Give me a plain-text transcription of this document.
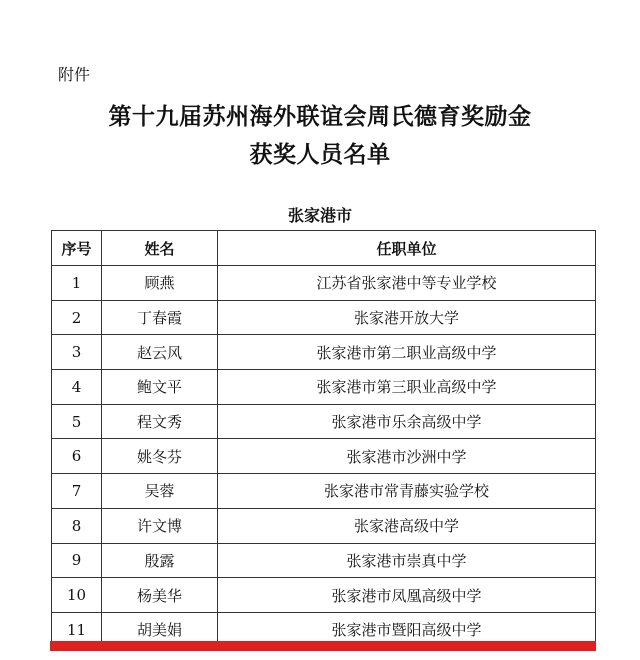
附件
第十九届苏州海外联谊会周氏德育奖励金
获奖人员名单
张家港市
序号	姓名	任职单位
1	顾燕	江苏省张家港中等专业学校
2	丁春霞	张家港开放大学
3	赵云风	张家港市第二职业高级中学
4	鲍文平	张家港市第三职业高级中学
5	程文秀	张家港市乐余高级中学
6	姚冬芬	张家港市沙洲中学
7	吴蓉	张家港市常青藤实验学校
8	许文博	张家港高级中学
9	殷露	张家港市崇真中学
10	杨美华	张家港市凤凰高级中学
11	胡美娟	张家港市暨阳高级中学
